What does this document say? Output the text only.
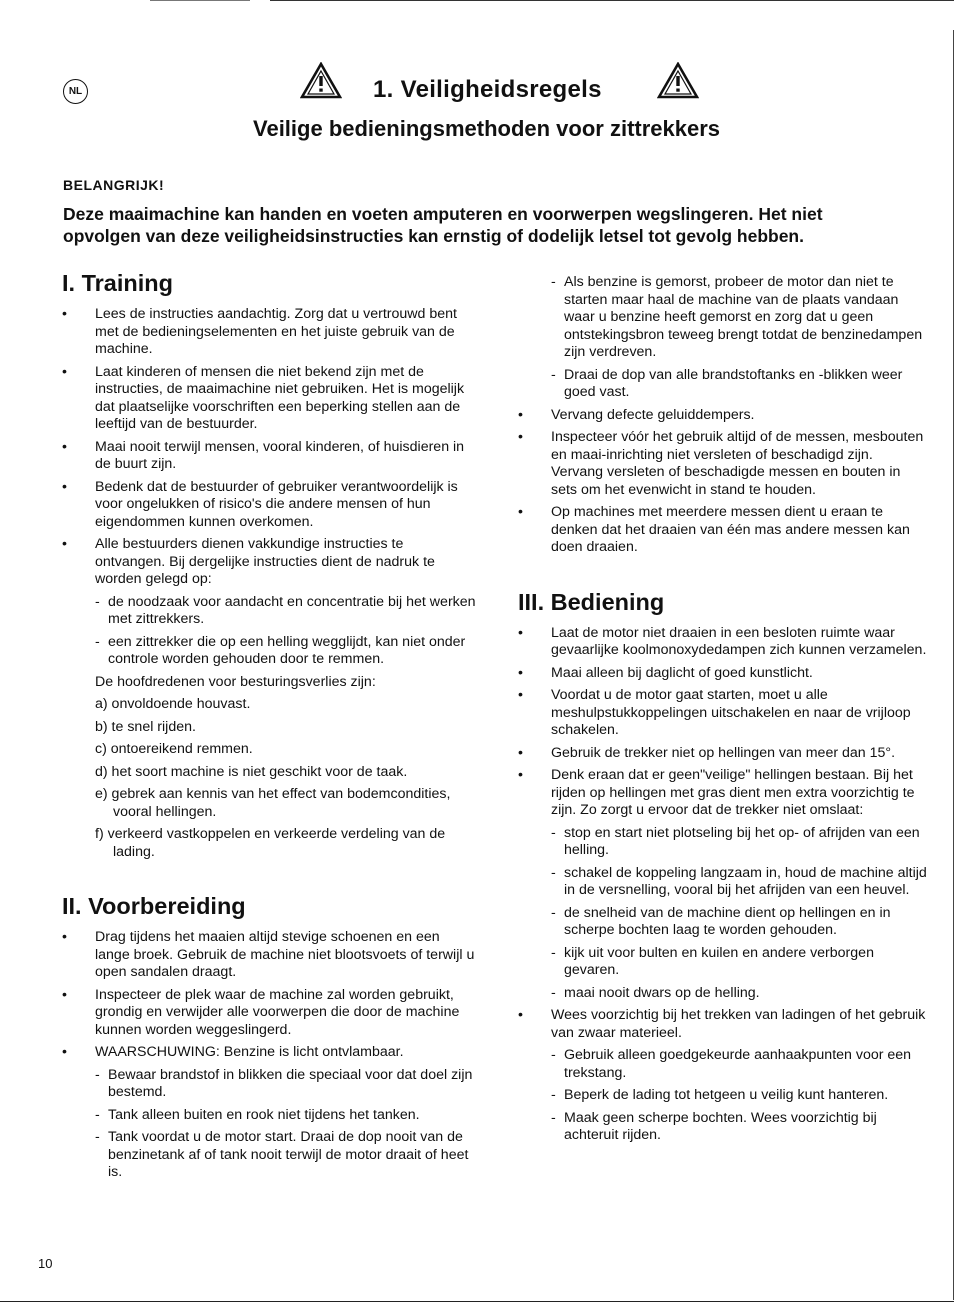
NL	1. Veiligheidsregels
Veilige bedieningsmethoden voor zittrekkers
BELANGRIJK!
Deze maaimachine kan handen en voeten amputeren en voorwerpen wegslingeren. Het niet opvolgen van deze veiligheidsinstructies kan ernstig of dodelijk letsel tot gevolg hebben.
I. Training
• Lees de instructies aandachtig. Zorg dat u vertrouwd bent met de bedieningselementen en het juiste gebruik van de machine.
• Laat kinderen of mensen die niet bekend zijn met de instructies, de maaimachine niet gebruiken. Het is mogelijk dat plaatselijke voorschriften een beperking stellen aan de leeftijd van de bestuurder.
• Maai nooit terwijl mensen, vooral kinderen, of huisdieren in de buurt zijn.
• Bedenk dat de bestuurder of gebruiker verantwoordelijk is voor ongelukken of risico's die andere mensen of hun eigendommen kunnen overkomen.
• Alle bestuurders dienen vakkundige instructies te ontvangen. Bij dergelijke instructies dient de nadruk te worden gelegd op:
- de noodzaak voor aandacht en concentratie bij het werken met zittrekkers.
- een zittrekker die op een helling wegglijdt, kan niet onder controle worden gehouden door te remmen.
De hoofdredenen voor besturingsverlies zijn:
a) onvoldoende houvast.
b) te snel rijden.
c) ontoereikend remmen.
d) het soort machine is niet geschikt voor de taak.
e) gebrek aan kennis van het effect van bodemcondities, vooral hellingen.
f) verkeerd vastkoppelen en verkeerde verdeling van de lading.
II. Voorbereiding
• Drag tijdens het maaien altijd stevige schoenen en een lange broek. Gebruik de machine niet blootsvoets of terwijl u open sandalen draagt.
• Inspecteer de plek waar de machine zal worden gebruikt, grondig en verwijder alle voorwerpen die door de machine kunnen worden weggeslingerd.
• WAARSCHUWING: Benzine is licht ontvlambaar.
- Bewaar brandstof in blikken die speciaal voor dat doel zijn bestemd.
- Tank alleen buiten en rook niet tijdens het tanken.
- Tank voordat u de motor start. Draai de dop nooit van de benzinetank af of tank nooit terwijl de motor draait of heet is.
- Als benzine is gemorst, probeer de motor dan niet te starten maar haal de machine van de plaats vandaan waar u benzine heeft gemorst en zorg dat u geen ontstekingsbron teweeg brengt totdat de benzinedampen zijn verdreven.
- Draai de dop van alle brandstoftanks en -blikken weer goed vast.
• Vervang defecte geluiddempers.
• Inspecteer vóór het gebruik altijd of de messen, mesbouten en maai-inrichting niet versleten of beschadigd zijn. Vervang versleten of beschadigde messen en bouten in sets om het evenwicht in stand te houden.
• Op machines met meerdere messen dient u eraan te denken dat het draaien van één mas andere messen kan doen draaien.
III. Bediening
• Laat de motor niet draaien in een besloten ruimte waar gevaarlijke koolmonoxydedampen zich kunnen verzamelen.
• Maai alleen bij daglicht of goed kunstlicht.
• Voordat u de motor gaat starten, moet u alle meshulpstukkoppelingen uitschakelen en naar de vrijloop schakelen.
• Gebruik de trekker niet op hellingen van meer dan 15°.
• Denk eraan dat er geen"veilige" hellingen bestaan. Bij het rijden op hellingen met gras dient men extra voorzichtig te zijn. Zo zorgt u ervoor dat de trekker niet omslaat:
- stop en start niet plotseling bij het op- of afrijden van een helling.
- schakel de koppeling langzaam in, houd de machine altijd in de versnelling, vooral bij het afrijden van een heuvel.
- de snelheid van de machine dient op hellingen en in scherpe bochten laag te worden gehouden.
- kijk uit voor bulten en kuilen en andere verborgen gevaren.
- maai nooit dwars op de helling.
• Wees voorzichtig bij het trekken van ladingen of het gebruik van zwaar materieel.
- Gebruik alleen goedgekeurde aanhaakpunten voor een trekstang.
- Beperk de lading tot hetgeen u veilig kunt hanteren.
- Maak geen scherpe bochten. Wees voorzichtig bij achteruit rijden.
10
